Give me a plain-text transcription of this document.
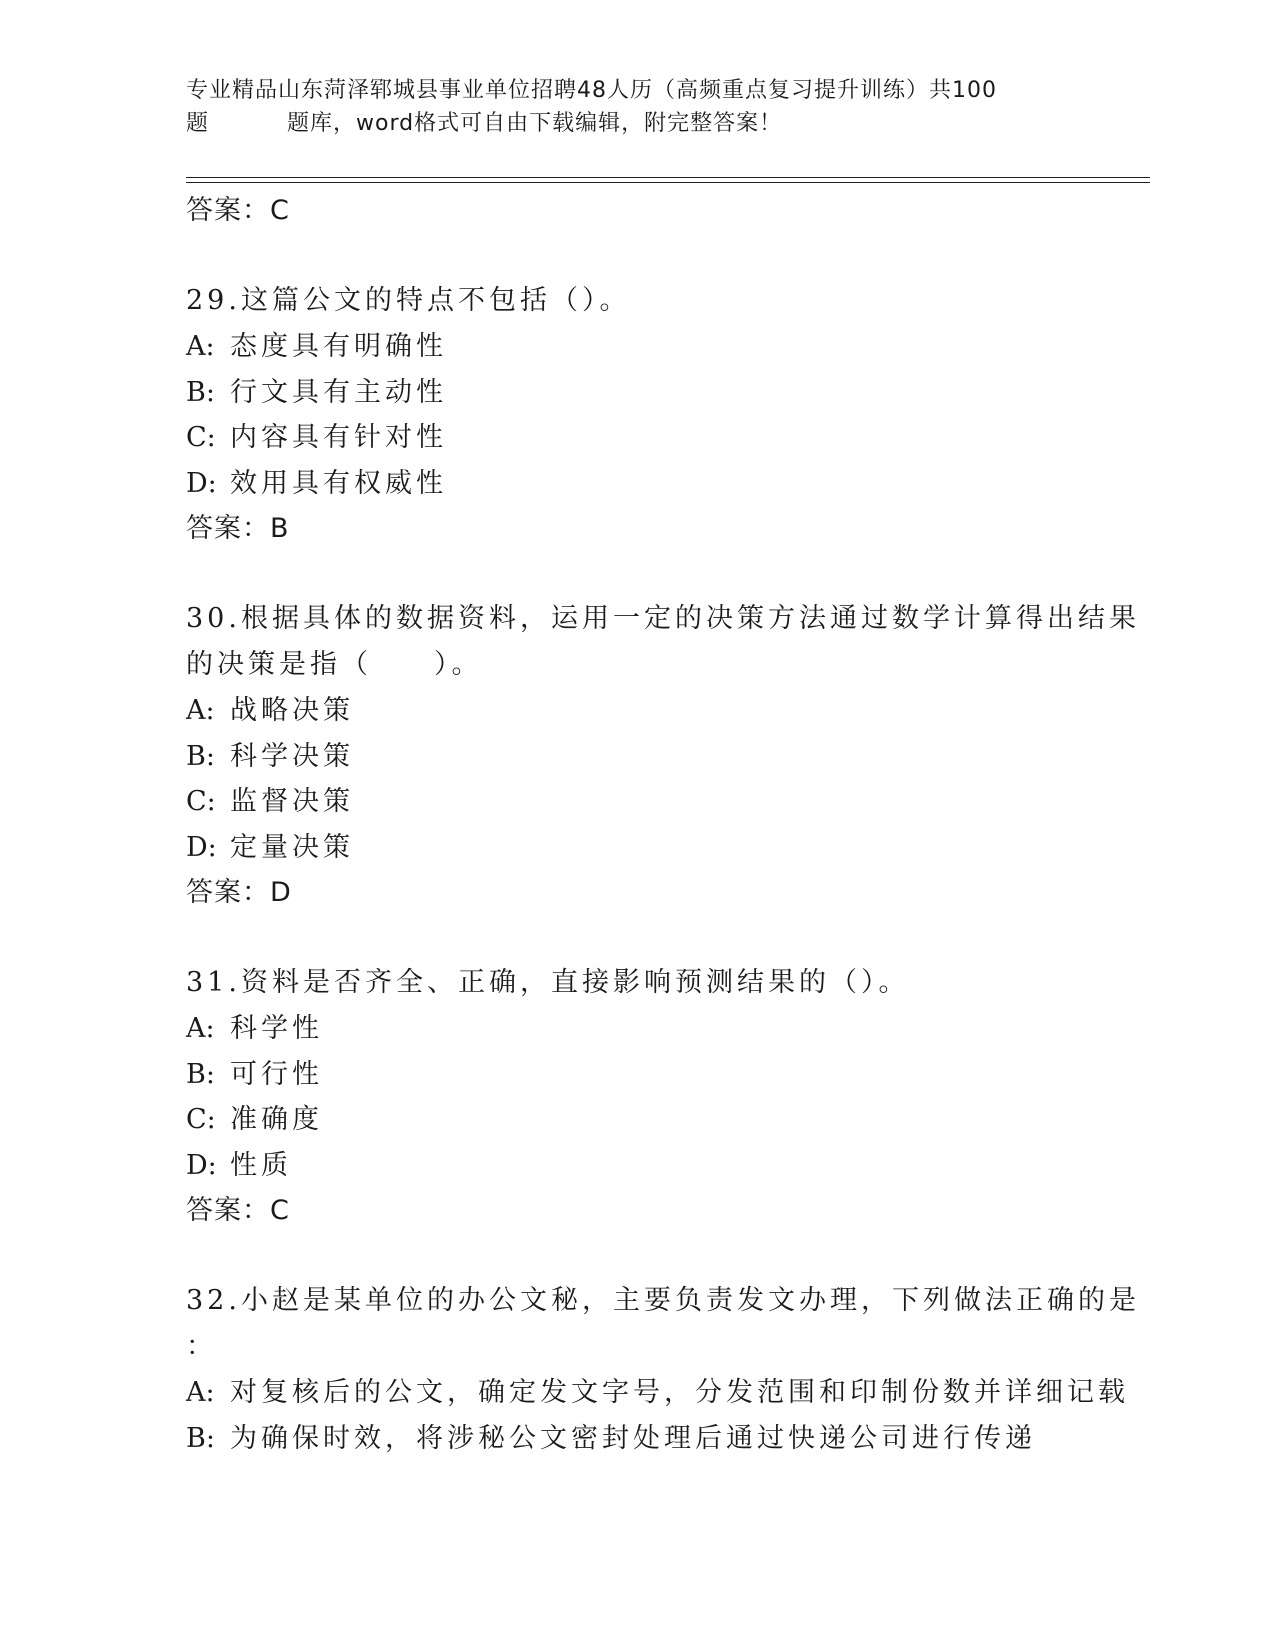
专业精品山东菏泽郓城县事业单位招聘48人历（高频重点复习提升训练）共100
题	题库，word格式可自由下载编辑，附完整答案！
答案：C
29.这篇公文的特点不包括（）。
A: 态度具有明确性
B: 行文具有主动性
C: 内容具有针对性
D: 效用具有权威性
答案：B
30.根据具体的数据资料，运用一定的决策方法通过数学计算得出结果
的决策是指（　　）。
A: 战略决策
B: 科学决策
C: 监督决策
D: 定量决策
答案：D
31.资料是否齐全、正确，直接影响预测结果的（）。
A: 科学性
B: 可行性
C: 准确度
D: 性质
答案：C
32.小赵是某单位的办公文秘，主要负责发文办理，下列做法正确的是
：
A: 对复核后的公文，确定发文字号，分发范围和印制份数并详细记载
B: 为确保时效，将涉秘公文密封处理后通过快递公司进行传递
